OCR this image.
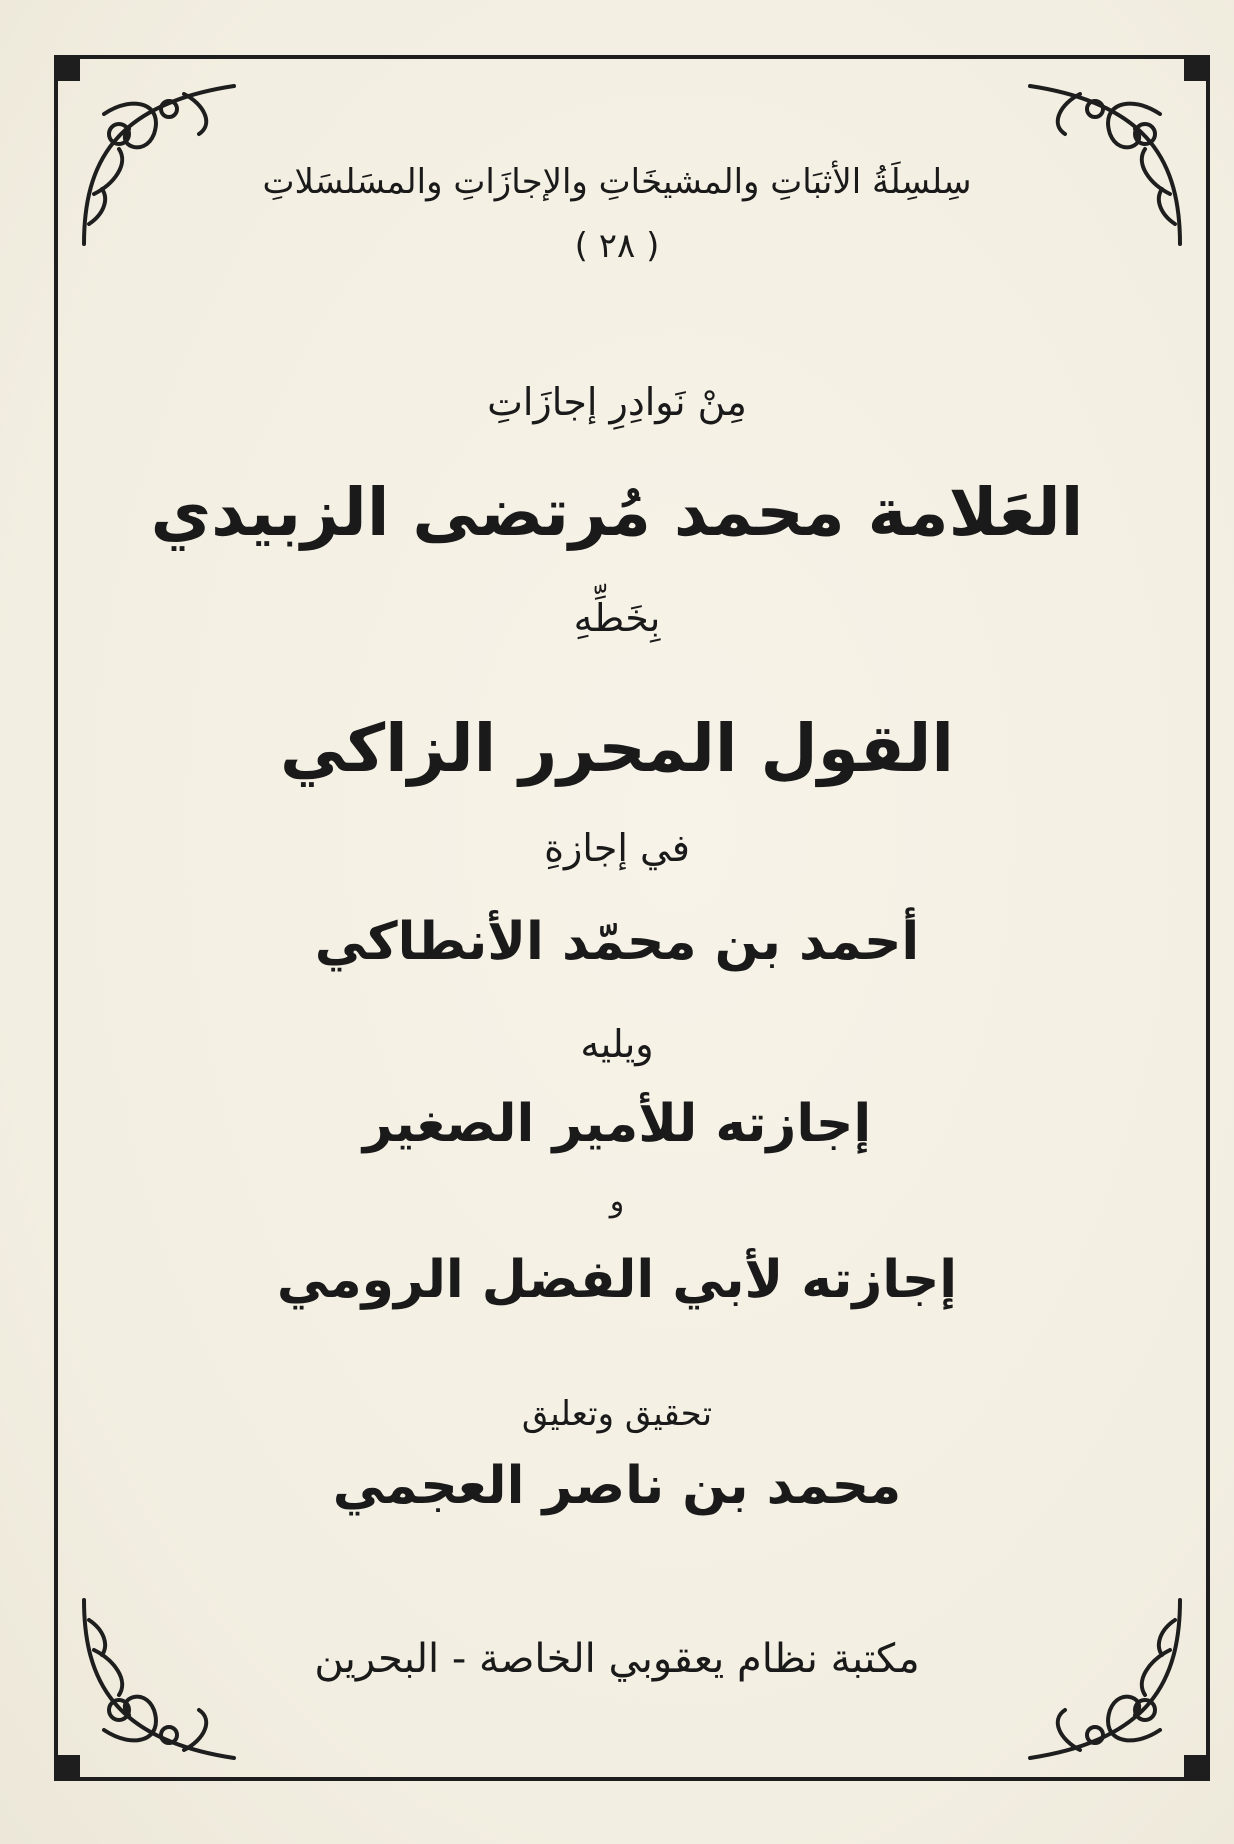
سِلسِلَةُ الأثبَاتِ والمشيخَاتِ والإجازَاتِ والمسَلسَلاتِ
( ٢٨ )
مِنْ نَوادِرِ إجازَاتِ
العَلامة محمد مُرتضى الزبيدي
بِخَطِّهِ
القول المحرر الزاكي
في إجازةِ
أحمد بن محمّد الأنطاكي
ويليه
إجازته للأمير الصغير
و
إجازته لأبي الفضل الرومي
تحقيق وتعليق
محمد بن ناصر العجمي
مكتبة نظام يعقوبي الخاصة - البحرين
